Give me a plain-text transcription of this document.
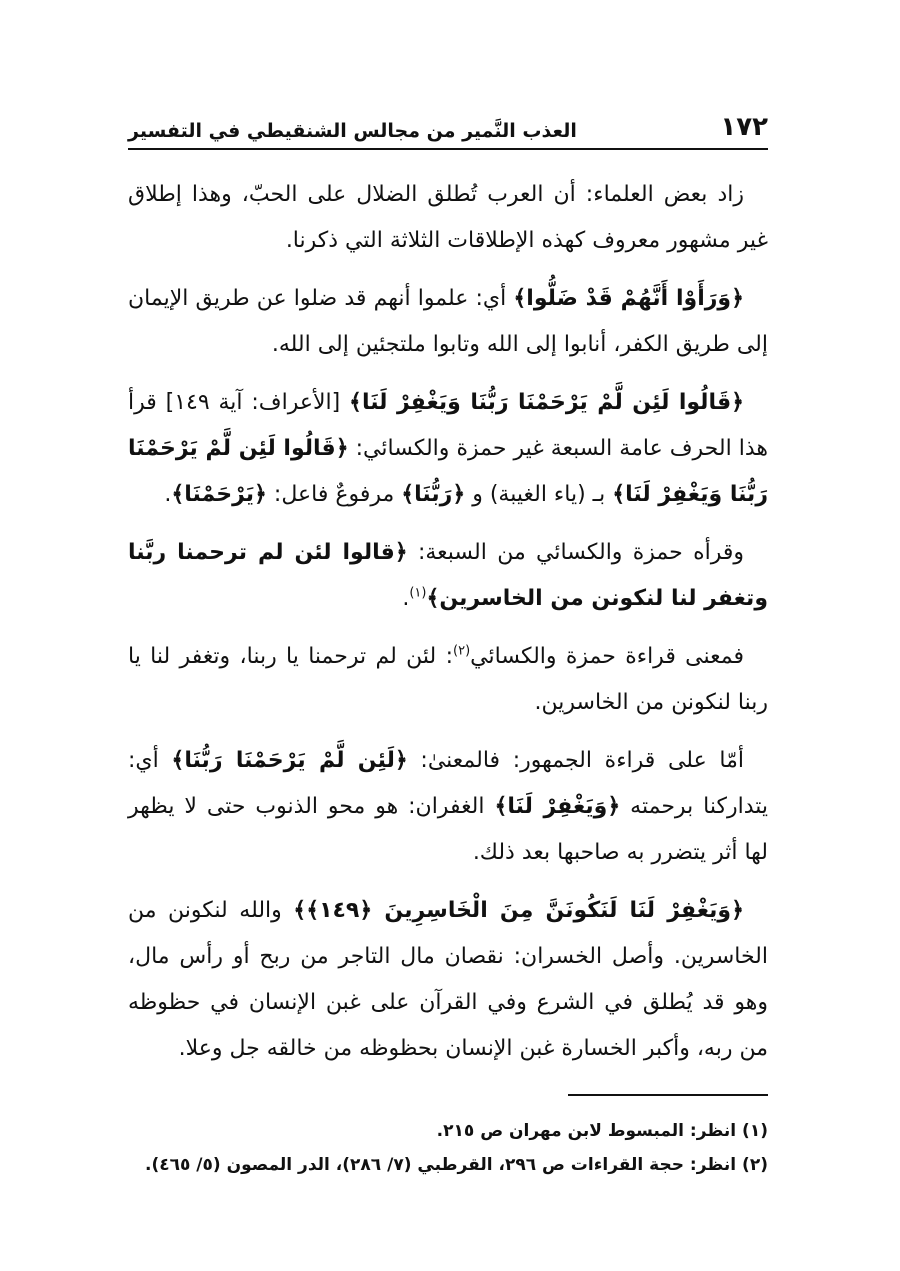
١٧٢
العذب النَّمير من مجالس الشنقيطي في التفسير

زاد بعض العلماء: أن العرب تُطلق الضلال على الحبّ، وهذا إطلاق غير مشهور معروف كهذه الإطلاقات الثلاثة التي ذكرنا.

﴿وَرَأَوْا أَنَّهُمْ قَدْ ضَلُّوا﴾ أي: علموا أنهم قد ضلوا عن طريق الإيمان إلى طريق الكفر، أنابوا إلى الله وتابوا ملتجئين إلى الله.

﴿قَالُوا لَئِن لَّمْ يَرْحَمْنَا رَبُّنَا وَيَغْفِرْ لَنَا﴾ [الأعراف: آية ١٤٩] قرأ هذا الحرف عامة السبعة غير حمزة والكسائي: ﴿قَالُوا لَئِن لَّمْ يَرْحَمْنَا رَبُّنَا وَيَغْفِرْ لَنَا﴾ بـ (ياء الغيبة) و ﴿رَبُّنَا﴾ مرفوعٌ فاعل: ﴿يَرْحَمْنَا﴾.

وقرأه حمزة والكسائي من السبعة: ﴿قالوا لئن لم ترحمنا ربَّنا وتغفر لنا لنكونن من الخاسرين﴾$^{(١)}$.

فمعنى قراءة حمزة والكسائي$^{(٢)}$: لئن لم ترحمنا يا ربنا، وتغفر لنا يا ربنا لنكونن من الخاسرين.

أمّا على قراءة الجمهور: فالمعنىٰ: ﴿لَئِن لَّمْ يَرْحَمْنَا رَبُّنَا﴾ أي: يتداركنا برحمته ﴿وَيَغْفِرْ لَنَا﴾ الغفران: هو محو الذنوب حتى لا يظهر لها أثر يتضرر به صاحبها بعد ذلك.

﴿وَيَغْفِرْ لَنَا لَنَكُونَنَّ مِنَ الْخَاسِرِينَ ﴿١٤٩﴾﴾ والله لنكونن من الخاسرين. وأصل الخسران: نقصان مال التاجر من ربح أو رأس مال، وهو قد يُطلق في الشرع وفي القرآن على غبن الإنسان في حظوظه من ربه، وأكبر الخسارة غبن الإنسان بحظوظه من خالقه جل وعلا.

(١)انظر: المبسوط لابن مهران ص ٢١٥.

(٢)انظر: حجة القراءات ص ٢٩٦، القرطبي (٧/ ٢٨٦)، الدر المصون (٥/ ٤٦٥).
